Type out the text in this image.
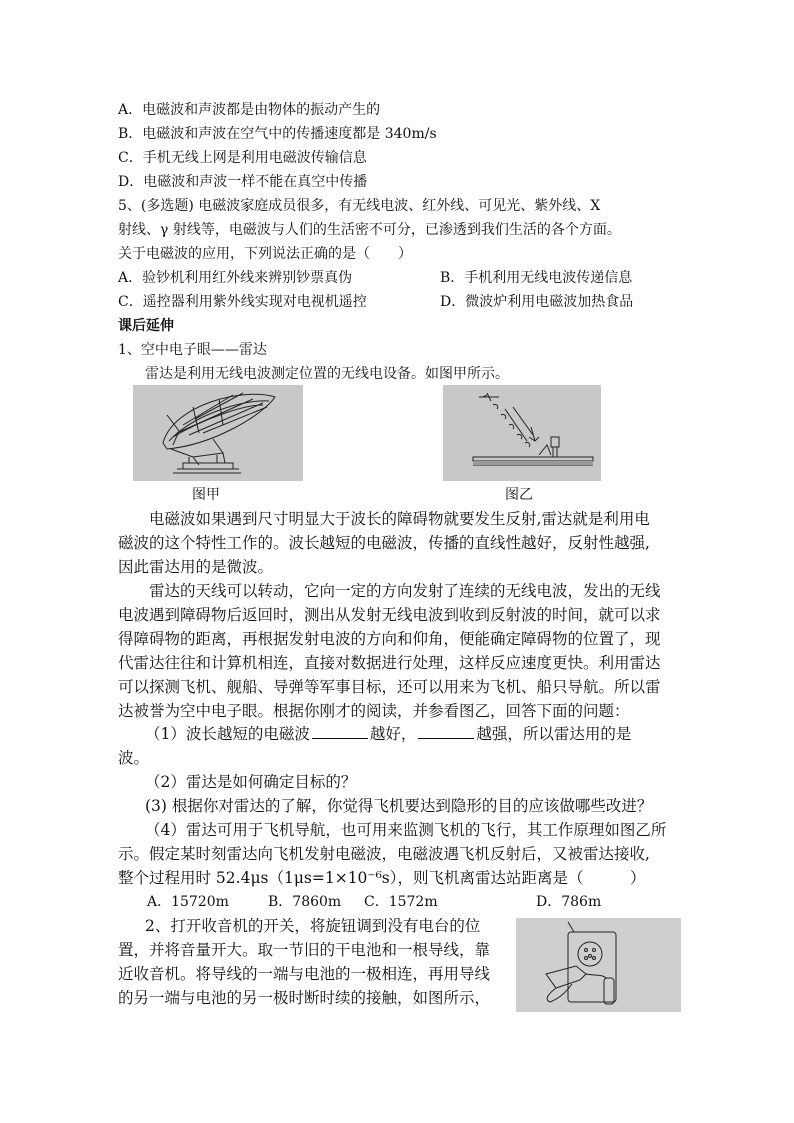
A．电磁波和声波都是由物体的振动产生的
B．电磁波和声波在空气中的传播速度都是 340m/s
C．手机无线上网是利用电磁波传输信息
D．电磁波和声波一样不能在真空中传播
5、(多选题) 电磁波家庭成员很多，有无线电波、红外线、可见光、紫外线、X
射线、γ 射线等，电磁波与人们的生活密不可分，已渗透到我们生活的各个方面。
关于电磁波的应用，下列说法正确的是（　　）
A．验钞机利用红外线来辨别钞票真伪	B．手机利用无线电波传递信息
C．遥控器利用紫外线实现对电视机遥控	D．微波炉利用电磁波加热食品
课后延伸
1、空中电子眼——雷达
雷达是利用无线电波测定位置的无线电设备。如图甲所示。
图甲	图乙
电磁波如果遇到尺寸明显大于波长的障碍物就要发生反射,雷达就是利用电
磁波的这个特性工作的。波长越短的电磁波，传播的直线性越好，反射性越强,
因此雷达用的是微波。
雷达的天线可以转动，它向一定的方向发射了连续的无线电波，发出的无线
电波遇到障碍物后返回时，测出从发射无线电波到收到反射波的时间，就可以求
得障碍物的距离，再根据发射电波的方向和仰角，便能确定障碍物的位置了，现
代雷达往往和计算机相连，直接对数据进行处理，这样反应速度更快。利用雷达
可以探测飞机、舰船、导弹等军事目标，还可以用来为飞机、船只导航。所以雷
达被誉为空中电子眼。根据你刚才的阅读，并参看图乙，回答下面的问题：
（1）波长越短的电磁波	越好，	越强，所以雷达用的是
波。
（2）雷达是如何确定目标的？
(3) 根据你对雷达的了解，你觉得飞机要达到隐形的目的应该做哪些改进？
（4）雷达可用于飞机导航，也可用来监测飞机的飞行，其工作原理如图乙所
示。假定某时刻雷达向飞机发射电磁波，电磁波遇飞机反射后，又被雷达接收,
整个过程用时 52.4μs（1μs=1×10⁻⁶s），则飞机离雷达站距离是（　　　）
A．15720m	B．7860m C．1572m	D．786m
2、打开收音机的开关，将旋钮调到没有电台的位
置，并将音量开大。取一节旧的干电池和一根导线，靠
近收音机。将导线的一端与电池的一极相连，再用导线
的另一端与电池的另一极时断时续的接触，如图所示，
